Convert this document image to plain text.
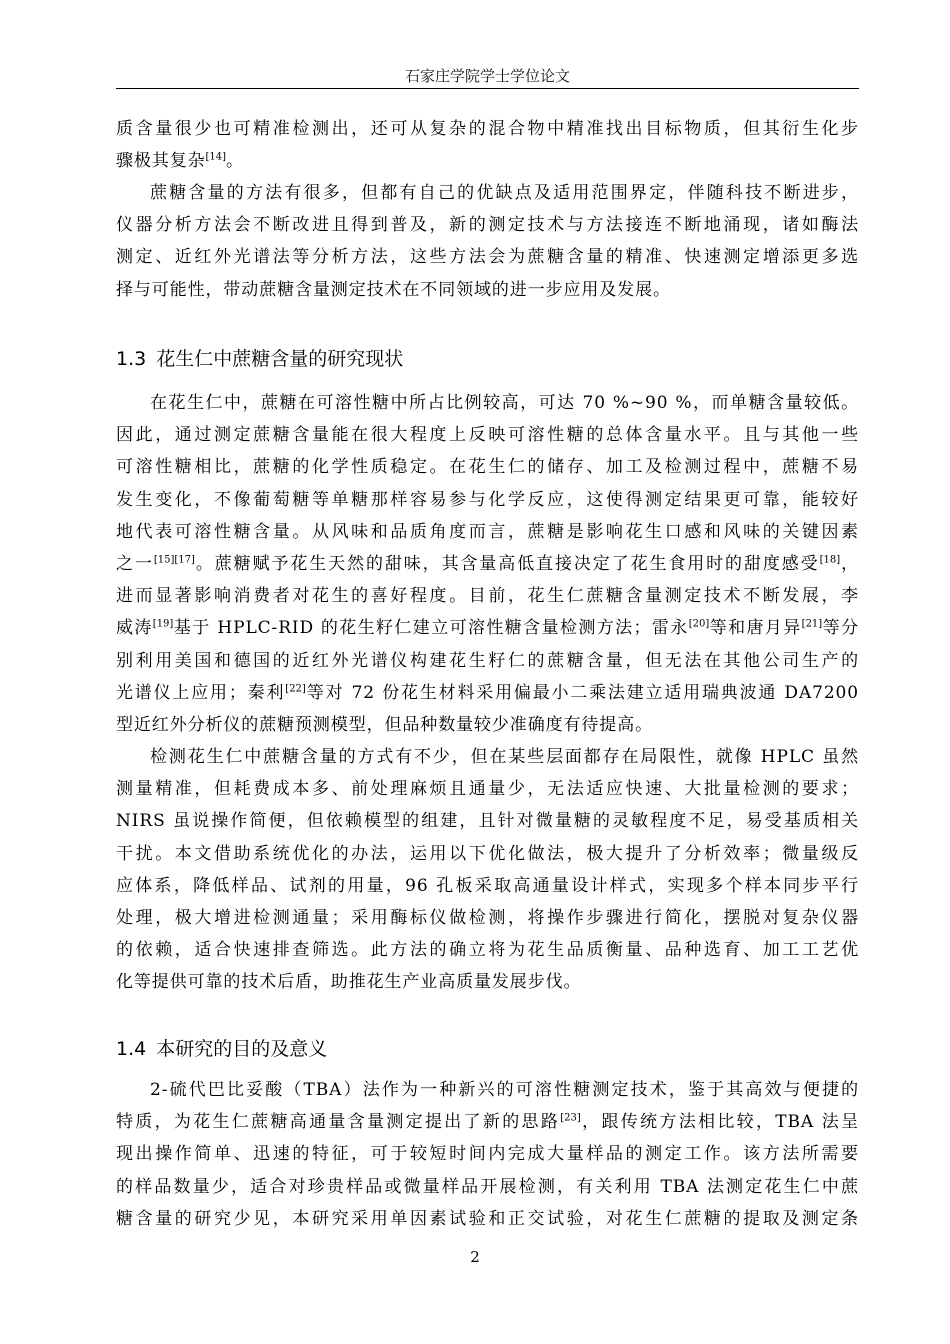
石家庄学院学士学位论文
质含量很少也可精准检测出，还可从复杂的混合物中精准找出目标物质，但其衍生化步
骤极其复杂[14]。
蔗糖含量的方法有很多，但都有自己的优缺点及适用范围界定，伴随科技不断进步，
仪器分析方法会不断改进且得到普及，新的测定技术与方法接连不断地涌现，诸如酶法
测定、近红外光谱法等分析方法，这些方法会为蔗糖含量的精准、快速测定增添更多选
择与可能性，带动蔗糖含量测定技术在不同领域的进一步应用及发展。
1.3 花生仁中蔗糖含量的研究现状
在花生仁中，蔗糖在可溶性糖中所占比例较高，可达 70 %~90 %，而单糖含量较低。
因此，通过测定蔗糖含量能在很大程度上反映可溶性糖的总体含量水平。且与其他一些
可溶性糖相比，蔗糖的化学性质稳定。在花生仁的储存、加工及检测过程中，蔗糖不易
发生变化，不像葡萄糖等单糖那样容易参与化学反应，这使得测定结果更可靠，能较好
地代表可溶性糖含量。从风味和品质角度而言，蔗糖是影响花生口感和风味的关键因素
之一[15][17]。蔗糖赋予花生天然的甜味，其含量高低直接决定了花生食用时的甜度感受[18]，
进而显著影响消费者对花生的喜好程度。目前，花生仁蔗糖含量测定技术不断发展，李
威涛[19]基于 HPLC-RID 的花生籽仁建立可溶性糖含量检测方法；雷永[20]等和唐月异[21]等分
别利用美国和德国的近红外光谱仪构建花生籽仁的蔗糖含量，但无法在其他公司生产的
光谱仪上应用；秦利[22]等对 72 份花生材料采用偏最小二乘法建立适用瑞典波通 DA7200
型近红外分析仪的蔗糖预测模型，但品种数量较少准确度有待提高。
检测花生仁中蔗糖含量的方式有不少，但在某些层面都存在局限性，就像 HPLC 虽然
测量精准，但耗费成本多、前处理麻烦且通量少，无法适应快速、大批量检测的要求；
NIRS 虽说操作简便，但依赖模型的组建，且针对微量糖的灵敏程度不足，易受基质相关
干扰。本文借助系统优化的办法，运用以下优化做法，极大提升了分析效率；微量级反
应体系，降低样品、试剂的用量，96 孔板采取高通量设计样式，实现多个样本同步平行
处理，极大增进检测通量；采用酶标仪做检测，将操作步骤进行简化，摆脱对复杂仪器
的依赖，适合快速排查筛选。此方法的确立将为花生品质衡量、品种选育、加工工艺优
化等提供可靠的技术后盾，助推花生产业高质量发展步伐。
1.4 本研究的目的及意义
2-硫代巴比妥酸（TBA）法作为一种新兴的可溶性糖测定技术，鉴于其高效与便捷的
特质，为花生仁蔗糖高通量含量测定提出了新的思路[23]，跟传统方法相比较，TBA 法呈
现出操作简单、迅速的特征，可于较短时间内完成大量样品的测定工作。该方法所需要
的样品数量少，适合对珍贵样品或微量样品开展检测，有关利用 TBA 法测定花生仁中蔗
糖含量的研究少见，本研究采用单因素试验和正交试验，对花生仁蔗糖的提取及测定条
2
